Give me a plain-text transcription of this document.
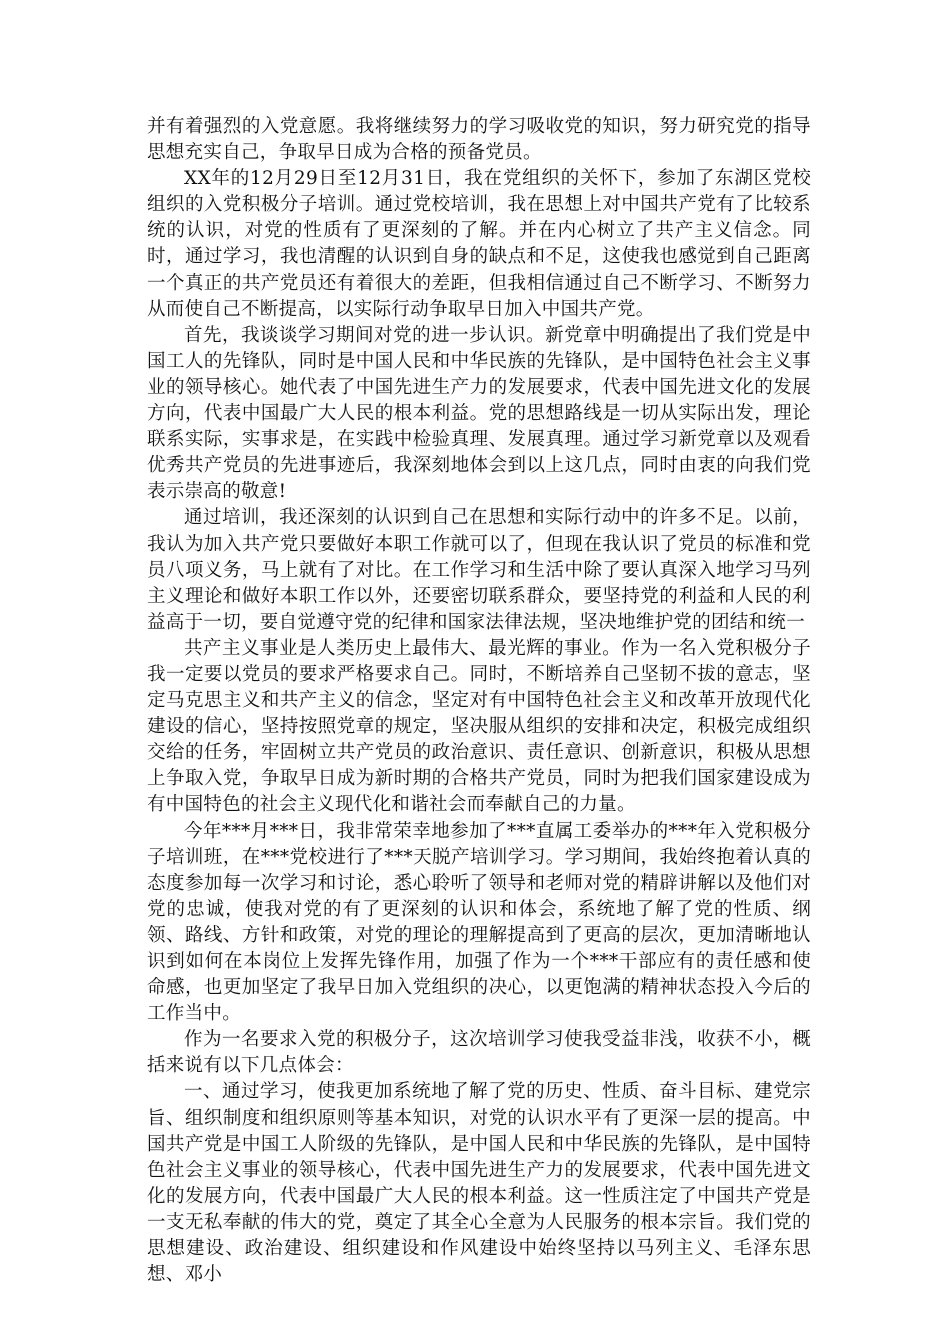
并有着强烈的入党意愿。我将继续努力的学习吸收党的知识，努力研究党的指导思想充实自己，争取早日成为合格的预备党员。

XX年的12月29日至12月31日，我在党组织的关怀下，参加了东湖区党校组织的入党积极分子培训。通过党校培训，我在思想上对中国共产党有了比较系统的认识，对党的性质有了更深刻的了解。并在内心树立了共产主义信念。同时，通过学习，我也清醒的认识到自身的缺点和不足，这使我也感觉到自己距离一个真正的共产党员还有着很大的差距，但我相信通过自己不断学习、不断努力从而使自己不断提高，以实际行动争取早日加入中国共产党。

首先，我谈谈学习期间对党的进一步认识。新党章中明确提出了我们党是中国工人的先锋队，同时是中国人民和中华民族的先锋队，是中国特色社会主义事业的领导核心。她代表了中国先进生产力的发展要求，代表中国先进文化的发展方向，代表中国最广大人民的根本利益。党的思想路线是一切从实际出发，理论联系实际，实事求是，在实践中检验真理、发展真理。通过学习新党章以及观看优秀共产党员的先进事迹后，我深刻地体会到以上这几点，同时由衷的向我们党表示崇高的敬意!

通过培训，我还深刻的认识到自己在思想和实际行动中的许多不足。以前，我认为加入共产党只要做好本职工作就可以了，但现在我认识了党员的标准和党员八项义务，马上就有了对比。在工作学习和生活中除了要认真深入地学习马列主义理论和做好本职工作以外，还要密切联系群众，要坚持党的利益和人民的利益高于一切，要自觉遵守党的纪律和国家法律法规，坚决地维护党的团结和统一

共产主义事业是人类历史上最伟大、最光辉的事业。作为一名入党积极分子我一定要以党员的要求严格要求自己。同时，不断培养自己坚韧不拔的意志，坚定马克思主义和共产主义的信念，坚定对有中国特色社会主义和改革开放现代化建设的信心，坚持按照党章的规定，坚决服从组织的安排和决定，积极完成组织交给的任务，牢固树立共产党员的政治意识、责任意识、创新意识，积极从思想上争取入党，争取早日成为新时期的合格共产党员，同时为把我们国家建设成为有中国特色的社会主义现代化和谐社会而奉献自己的力量。

今年***月***日，我非常荣幸地参加了***直属工委举办的***年入党积极分子培训班，在***党校进行了***天脱产培训学习。学习期间，我始终抱着认真的态度参加每一次学习和讨论，悉心聆听了领导和老师对党的精辟讲解以及他们对党的忠诚，使我对党的有了更深刻的认识和体会，系统地了解了党的性质、纲领、路线、方针和政策，对党的理论的理解提高到了更高的层次，更加清晰地认识到如何在本岗位上发挥先锋作用，加强了作为一个***干部应有的责任感和使命感，也更加坚定了我早日加入党组织的决心，以更饱满的精神状态投入今后的工作当中。

作为一名要求入党的积极分子，这次培训学习使我受益非浅，收获不小，概括来说有以下几点体会：

一、通过学习，使我更加系统地了解了党的历史、性质、奋斗目标、建党宗旨、组织制度和组织原则等基本知识，对党的认识水平有了更深一层的提高。中国共产党是中国工人阶级的先锋队，是中国人民和中华民族的先锋队，是中国特色社会主义事业的领导核心，代表中国先进生产力的发展要求，代表中国先进文化的发展方向，代表中国最广大人民的根本利益。这一性质注定了中国共产党是一支无私奉献的伟大的党，奠定了其全心全意为人民服务的根本宗旨。我们党的思想建设、政治建设、组织建设和作风建设中始终坚持以马列主义、毛泽东思想、邓小
